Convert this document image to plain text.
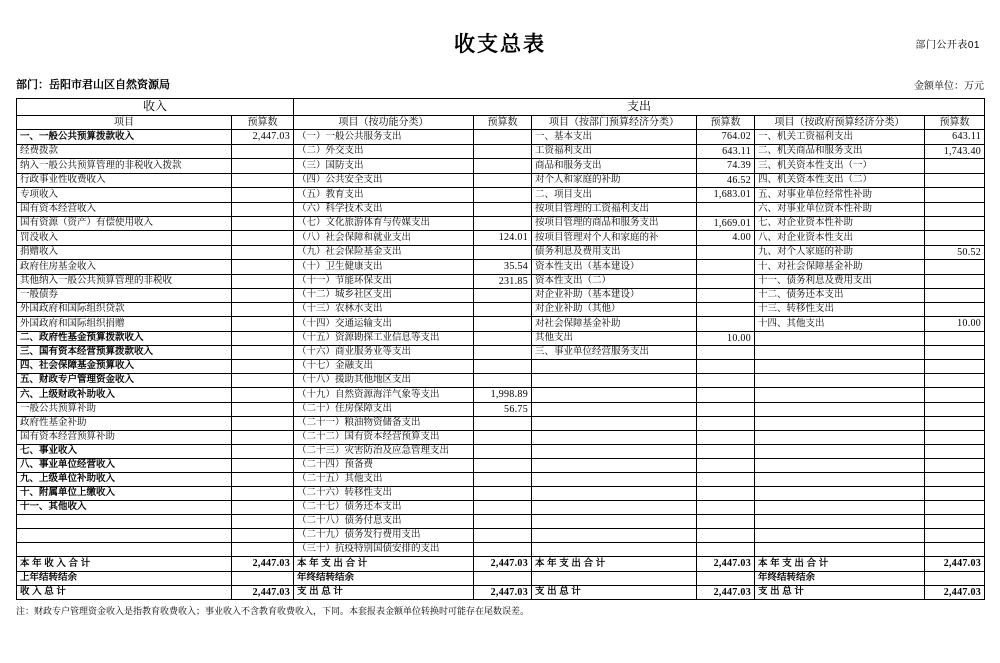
部门公开表01
收支总表
部门：岳阳市君山区自然资源局	金额单位：万元
收入		支出					
项目	预算数	项目（按功能分类）	预算数	项目（按部门预算经济分类）	预算数	项目（按政府预算经济分类）	预算数
一、一般公共预算拨款收入	2,447.03	（一）一般公共服务支出		一、基本支出	764.02	一、机关工资福利支出	643.11
经费拨款		（二）外交支出		工资福利支出	643.11	二、机关商品和服务支出	1,743.40
纳入一般公共预算管理的非税收入拨款		（三）国防支出		商品和服务支出	74.39	三、机关资本性支出（一）	
行政事业性收费收入		（四）公共安全支出		对个人和家庭的补助	46.52	四、机关资本性支出（二）	
专项收入		（五）教育支出		二、项目支出	1,683.01	五、对事业单位经常性补助	
国有资本经营收入		（六）科学技术支出		按项目管理的工资福利支出		六、对事业单位资本性补助	
国有资源（资产）有偿使用收入		（七）文化旅游体育与传媒支出		按项目管理的商品和服务支出	1,669.01	七、对企业资本性补助	
罚没收入		（八）社会保障和就业支出	124.01	按项目管理对个人和家庭的补	4.00	八、对企业资本性支出	
捐赠收入		（九）社会保险基金支出		债务利息及费用支出		九、对个人家庭的补助	50.52
政府住房基金收入		（十）卫生健康支出	35.54	资本性支出（基本建设）		十、对社会保障基金补助	
其他纳入一般公共预算管理的非税收		（十一）节能环保支出	231.85	资本性支出（二）		十一、债务利息及费用支出	
一般债券		（十二）城乡社区支出		对企业补助（基本建设）		十二、债务还本支出	
外国政府和国际组织贷款		（十三）农林水支出		对企业补助（其他）		十三、转移性支出	
外国政府和国际组织捐赠		（十四）交通运输支出		对社会保障基金补助		十四、其他支出	10.00
二、政府性基金预算拨款收入		（十五）资源勘探工业信息等支出		其他支出	10.00		
三、国有资本经营预算拨款收入		（十六）商业服务业等支出		三、事业单位经营服务支出			
四、社会保障基金预算收入		（十七）金融支出					
五、财政专户管理资金收入		（十八）援助其他地区支出					
六、上级财政补助收入		（十九）自然资源海洋气象等支出	1,998.89				
一般公共预算补助		（二十）住房保障支出	56.75				
政府性基金补助		（二十一）粮油物资储备支出					
国有资本经营预算补助		（二十二）国有资本经营预算支出					
七、事业收入		（二十三）灾害防治及应急管理支出					
八、事业单位经营收入		（二十四）预备费					
九、上级单位补助收入		（二十五）其他支出					
十、附属单位上缴收入		（二十六）转移性支出					
十一、其他收入		（二十七）债务还本支出					
		（二十八）债务付息支出					
		（二十九）债务发行费用支出					
		（三十）抗疫特别国债安排的支出					
本 年 收 入 合 计	2,447.03	本 年 支 出 合 计	2,447.03	本 年 支 出 合 计	2,447.03	本 年 支 出 合 计	2,447.03
上年结转结余		年终结转结余				年终结转结余	
收 入 总 计	2,447.03	支 出 总 计	2,447.03	支 出 总 计	2,447.03	支 出 总 计	2,447.03
注：财政专户管理资金收入是指教育收费收入；事业收入不含教育收费收入，下同。本套报表金额单位转换时可能存在尾数误差。
